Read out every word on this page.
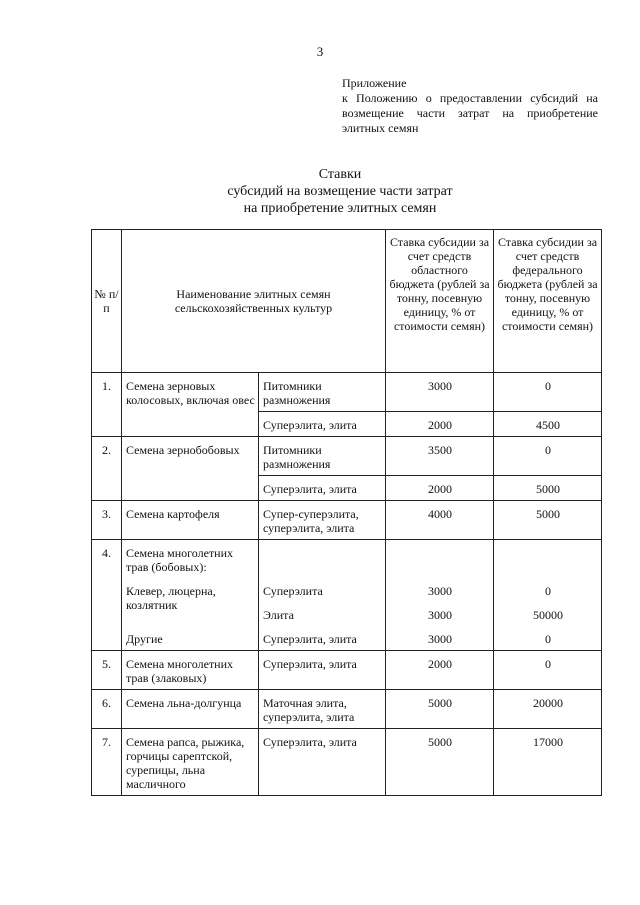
3
Приложение
к Положению о предоставлении субсидий на возмещение части затрат на приобретение элитных семян
Ставки
субсидий на возмещение части затрат
на приобретение элитных семян
№ п/п	Наименование элитных семян сельскохозяйственных культур		Ставка субсидии за счет средств областного бюджета (рублей за тонну, посевную единицу, % от стоимости семян)	Ставка субсидии за счет средств федерального бюджета (рублей за тонну, посевную единицу, % от стоимости семян)
1.	Семена зерновых колосовых, включая овес	Питомники размножения	3000	0
		Суперэлита, элита	2000	4500
2.	Семена зернобобовых	Питомники размножения	3500	0
		Суперэлита, элита	2000	5000
3.	Семена картофеля	Супер-суперэлита, суперэлита, элита	4000	5000
4.	Семена многолетних трав (бобовых):			
	Клевер, люцерна, козлятник	Суперэлита	3000	0
		Элита	3000	50000
	Другие	Суперэлита, элита	3000	0
5.	Семена многолетних трав (злаковых)	Суперэлита, элита	2000	0
6.	Семена льна-долгунца	Маточная элита, суперэлита, элита	5000	20000
7.	Семена рапса, рыжика, горчицы сарептской, сурепицы, льна масличного	Суперэлита, элита	5000	17000
